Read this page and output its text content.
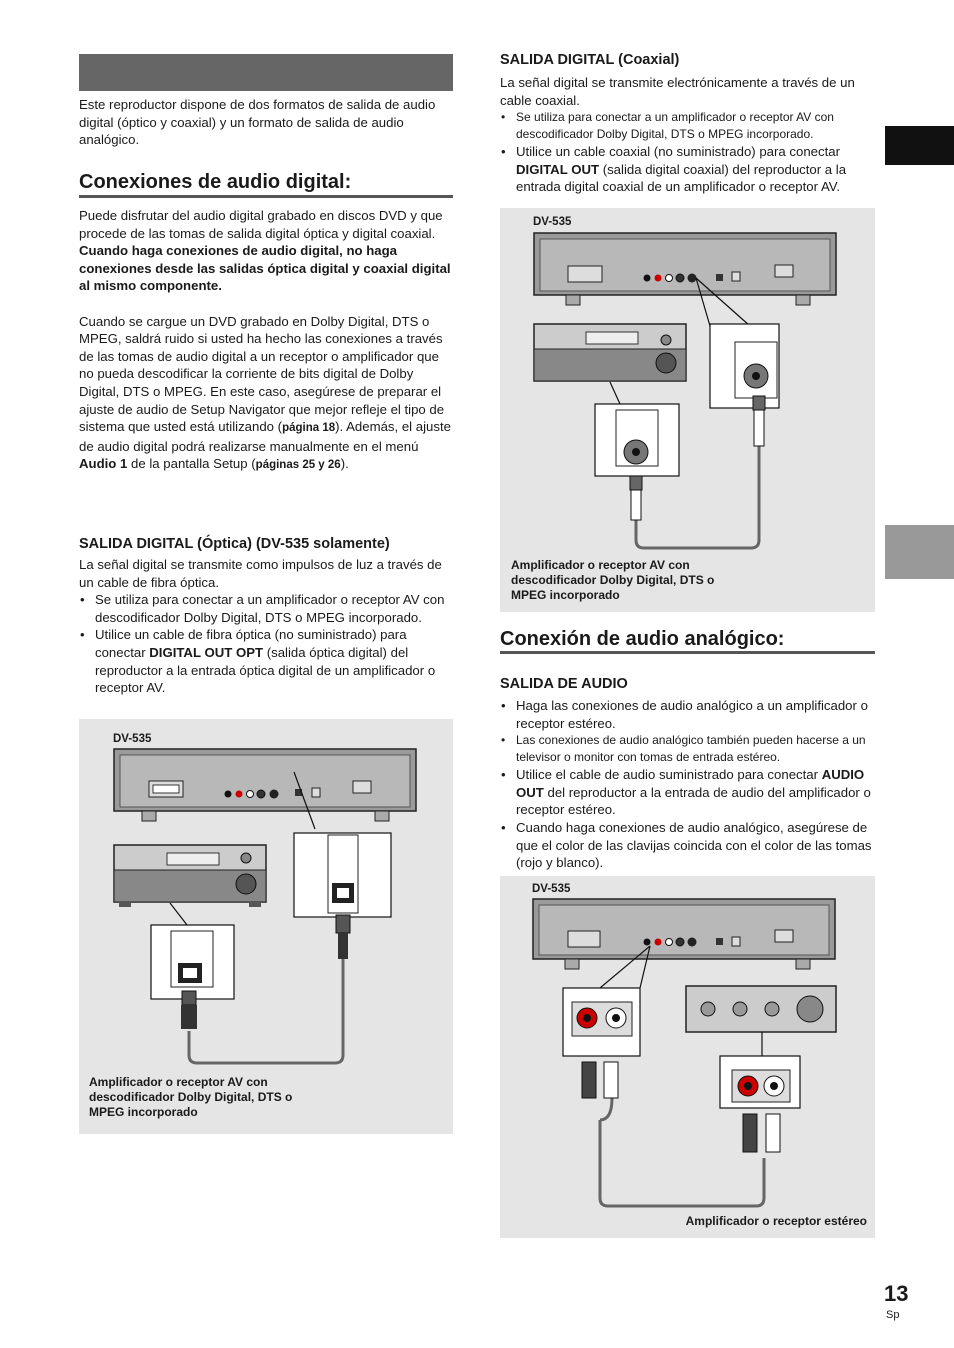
Este reproductor dispone de dos formatos de salida de audio digital (óptico y coaxial) y un formato de salida de audio analógico.

Conexiones de audio digital:

Puede disfrutar del audio digital grabado en discos DVD y que procede de las tomas de salida digital óptica y digital coaxial.

Cuando haga conexiones de audio digital, no haga conexiones desde las salidas óptica digital y coaxial digital al mismo componente.

Cuando se cargue un DVD grabado en Dolby Digital, DTS o MPEG, saldrá ruido si usted ha hecho las conexiones a través de las tomas de audio digital a un receptor o amplificador que no pueda descodificar la corriente de bits digital de Dolby Digital, DTS o MPEG. En este caso, asegúrese de preparar el ajuste de audio de Setup Navigator que mejor refleje el tipo de sistema que usted está utilizando (página 18). Además, el ajuste de audio digital podrá realizarse manualmente en el menú Audio 1 de la pantalla Setup (páginas 25 y 26).

SALIDA DIGITAL (Óptica) (DV-535 solamente)

La señal digital se transmite como impulsos de luz a través de un cable de fibra óptica.

• Se utiliza para conectar a un amplificador o receptor AV con descodificador Dolby Digital, DTS o MPEG incorporado.
• Utilice un cable de fibra óptica (no suministrado) para conectar DIGITAL OUT OPT (salida óptica digital) del reproductor a la entrada óptica digital de un amplificador o receptor AV.
DV-535

Amplificador o receptor AV con descodificador Dolby Digital, DTS o MPEG incorporado

SALIDA DIGITAL (Coaxial)

La señal digital se transmite electrónicamente a través de un cable coaxial.

• Se utiliza para conectar a un amplificador o receptor AV con descodificador Dolby Digital, DTS o MPEG incorporado.
• Utilice un cable coaxial (no suministrado) para conectar DIGITAL OUT (salida digital coaxial) del reproductor a la entrada digital coaxial de un amplificador o receptor AV.
DV-535

Amplificador o receptor AV con descodificador Dolby Digital, DTS o MPEG incorporado

Conexión de audio analógico:
SALIDA DE AUDIO
• Haga las conexiones de audio analógico a un amplificador o receptor estéreo.
• Las conexiones de audio analógico también pueden hacerse a un televisor o monitor con tomas de entrada estéreo.
• Utilice el cable de audio suministrado para conectar AUDIO OUT del reproductor a la entrada de audio del amplificador o receptor estéreo.
• Cuando haga conexiones de audio analógico, asegúrese de que el color de las clavijas coincida con el color de las tomas (rojo y blanco).
DV-535

Amplificador o receptor estéreo

13
Sp
